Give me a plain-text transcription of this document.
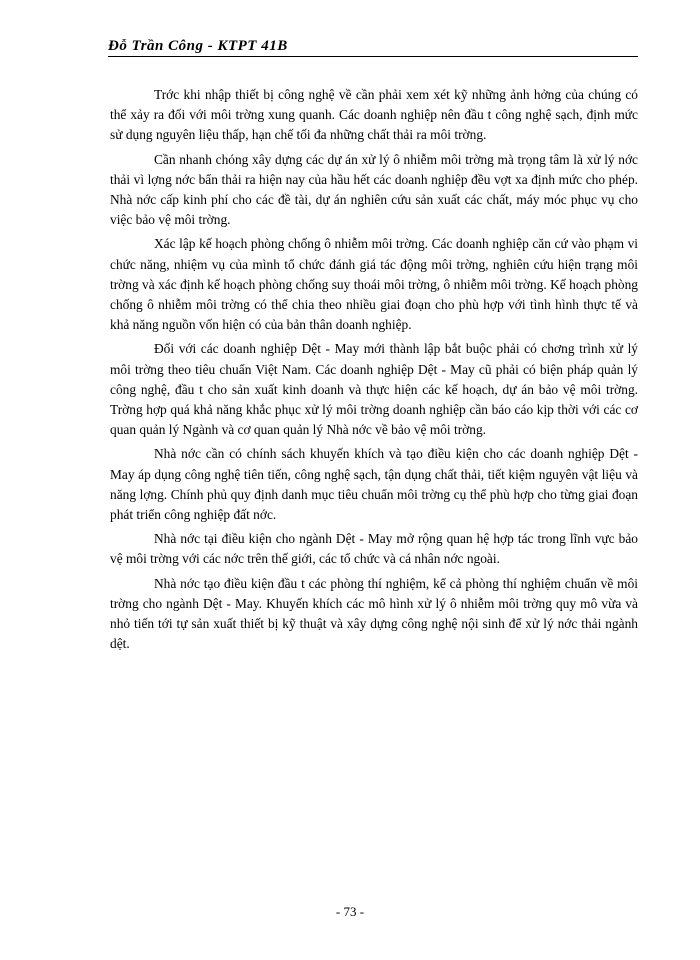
Đỗ Trần Công - KTPT 41B

Trớc khi nhập thiết bị công nghệ về cần phải xem xét kỹ những ảnh hởng của chúng có thể xảy ra đối với môi trờng xung quanh. Các doanh nghiệp nên đầu t công nghệ sạch, định mức sử dụng nguyên liệu thấp, hạn chế tối đa những chất thải ra môi trờng.

Cần nhanh chóng xây dựng các dự án xử lý ô nhiễm môi trờng mà trọng tâm là xử lý nớc thải vì lợng nớc bẩn thải ra hiện nay của hầu hết các doanh nghiệp đều vợt xa định mức cho phép. Nhà nớc cấp kinh phí cho các đề tài, dự án nghiên cứu sản xuất các chất, máy móc phục vụ cho việc bảo vệ môi trờng.

Xác lập kế hoạch phòng chống ô nhiễm môi trờng. Các doanh nghiệp căn cứ vào phạm vi chức năng, nhiệm vụ của mình tổ chức đánh giá tác động môi trờng, nghiên cứu hiện trạng môi trờng và xác định kế hoạch phòng chống suy thoái môi trờng, ô nhiễm môi trờng. Kế hoạch phòng chống ô nhiễm môi trờng có thể chia theo nhiều giai đoạn cho phù hợp với tình hình thực tế và khả năng nguồn vốn hiện có của bản thân doanh nghiệp.

Đối với các doanh nghiệp Dệt - May mới thành lập bắt buộc phải có chơng trình xử lý môi trờng theo tiêu chuẩn Việt Nam. Các doanh nghiệp Dệt - May cũ phải có biện pháp quản lý công nghệ, đầu t cho sản xuất kinh doanh và thực hiện các kế hoạch, dự án bảo vệ môi trờng. Trờng hợp quá khả năng khắc phục xử lý môi trờng doanh nghiệp cần báo cáo kịp thời với các cơ quan quản lý Ngành và cơ quan quản lý Nhà nớc về bảo vệ môi trờng.

Nhà nớc cần có chính sách khuyến khích và tạo điều kiện cho các doanh nghiệp Dệt - May áp dụng công nghệ tiên tiến, công nghệ sạch, tận dụng chất thải, tiết kiệm nguyên vật liệu và năng lợng. Chính phủ quy định danh mục tiêu chuẩn môi trờng cụ thể phù hợp cho từng giai đoạn phát triển công nghiệp đất nớc.

Nhà nớc tại điều kiện cho ngành Dệt - May mở rộng quan hệ hợp tác trong lĩnh vực bảo vệ môi trờng với các nớc trên thế giới, các tổ chức và cá nhân nớc ngoài.

Nhà nớc tạo điều kiện đầu t các phòng thí nghiệm, kể cả phòng thí nghiệm chuẩn về môi trờng cho ngành Dệt - May. Khuyến khích các mô hình xử lý ô nhiễm môi trờng quy mô vừa và nhỏ tiến tới tự sản xuất thiết bị kỹ thuật và xây dựng công nghệ nội sinh để xử lý nớc thải ngành dệt.

- 73 -
